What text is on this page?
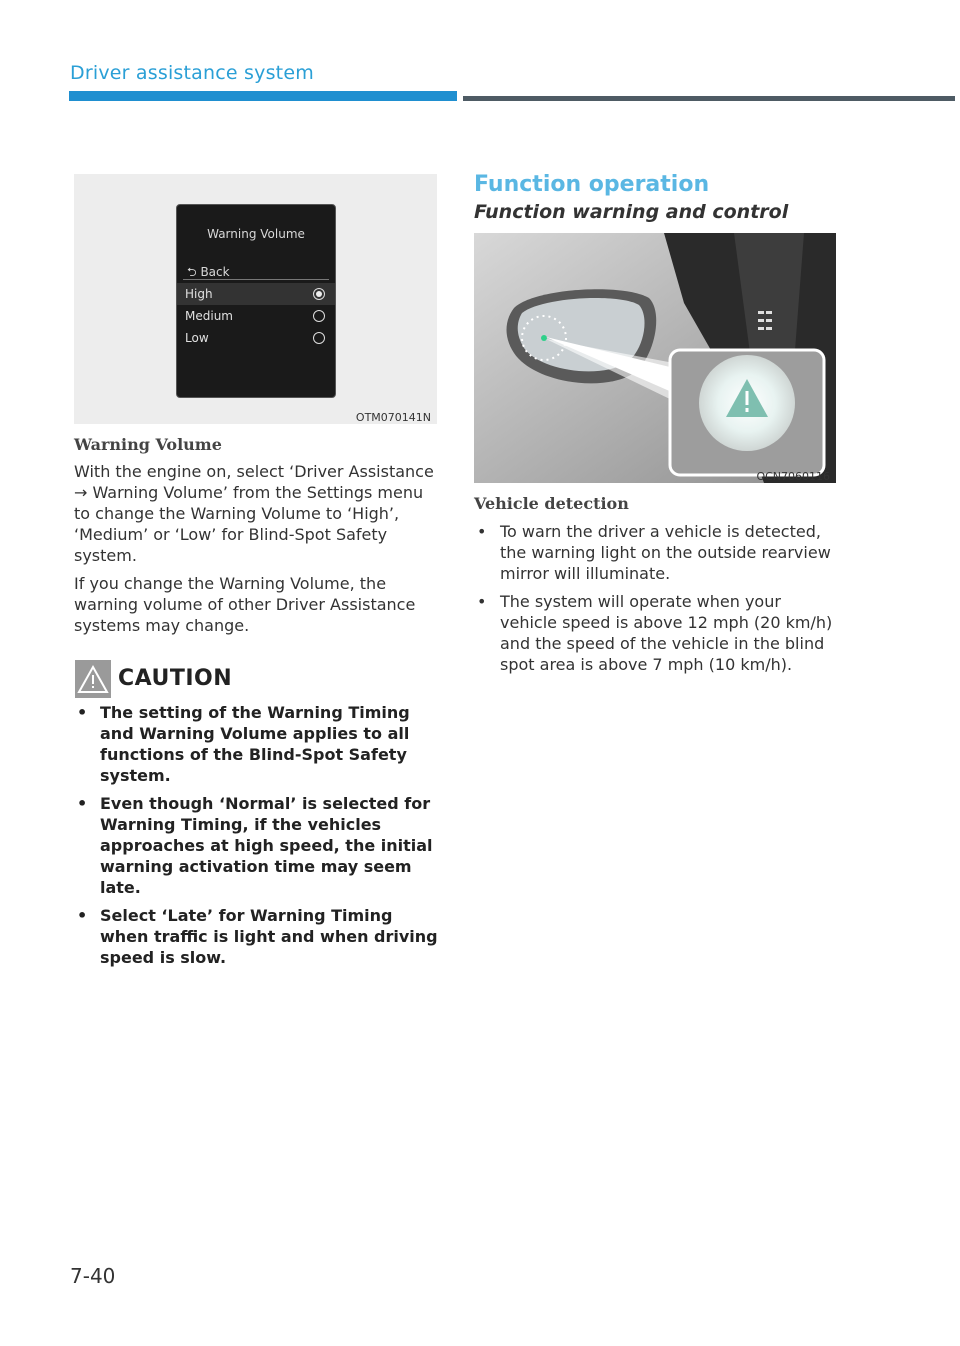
Driver assistance system
Warning Volume
⮌ Back
High
Medium
Low
OTM070141N
Warning Volume
With the engine on, select ‘Driver Assistance → Warning Volume’ from the Settings menu to change the Warning Volume to ‘High’, ‘Medium’ or ‘Low’ for Blind-Spot Safety system.
If you change the Warning Volume, the warning volume of other Driver Assistance systems may change.
CAUTION
• The setting of the Warning Timing and Warning Volume applies to all functions of the Blind-Spot Safety system.
• Even though ‘Normal’ is selected for Warning Timing, if the vehicles approaches at high speed, the initial warning activation time may seem late.
• Select ‘Late’ for Warning Timing when traffic is light and when driving speed is slow.
Function operation
Function warning and control
OCN7060116
Vehicle detection
• To warn the driver a vehicle is detected, the warning light on the outside rearview mirror will illuminate.
• The system will operate when your vehicle speed is above 12 mph (20 km/h) and the speed of the vehicle in the blind spot area is above 7 mph (10 km/h).
7-40
